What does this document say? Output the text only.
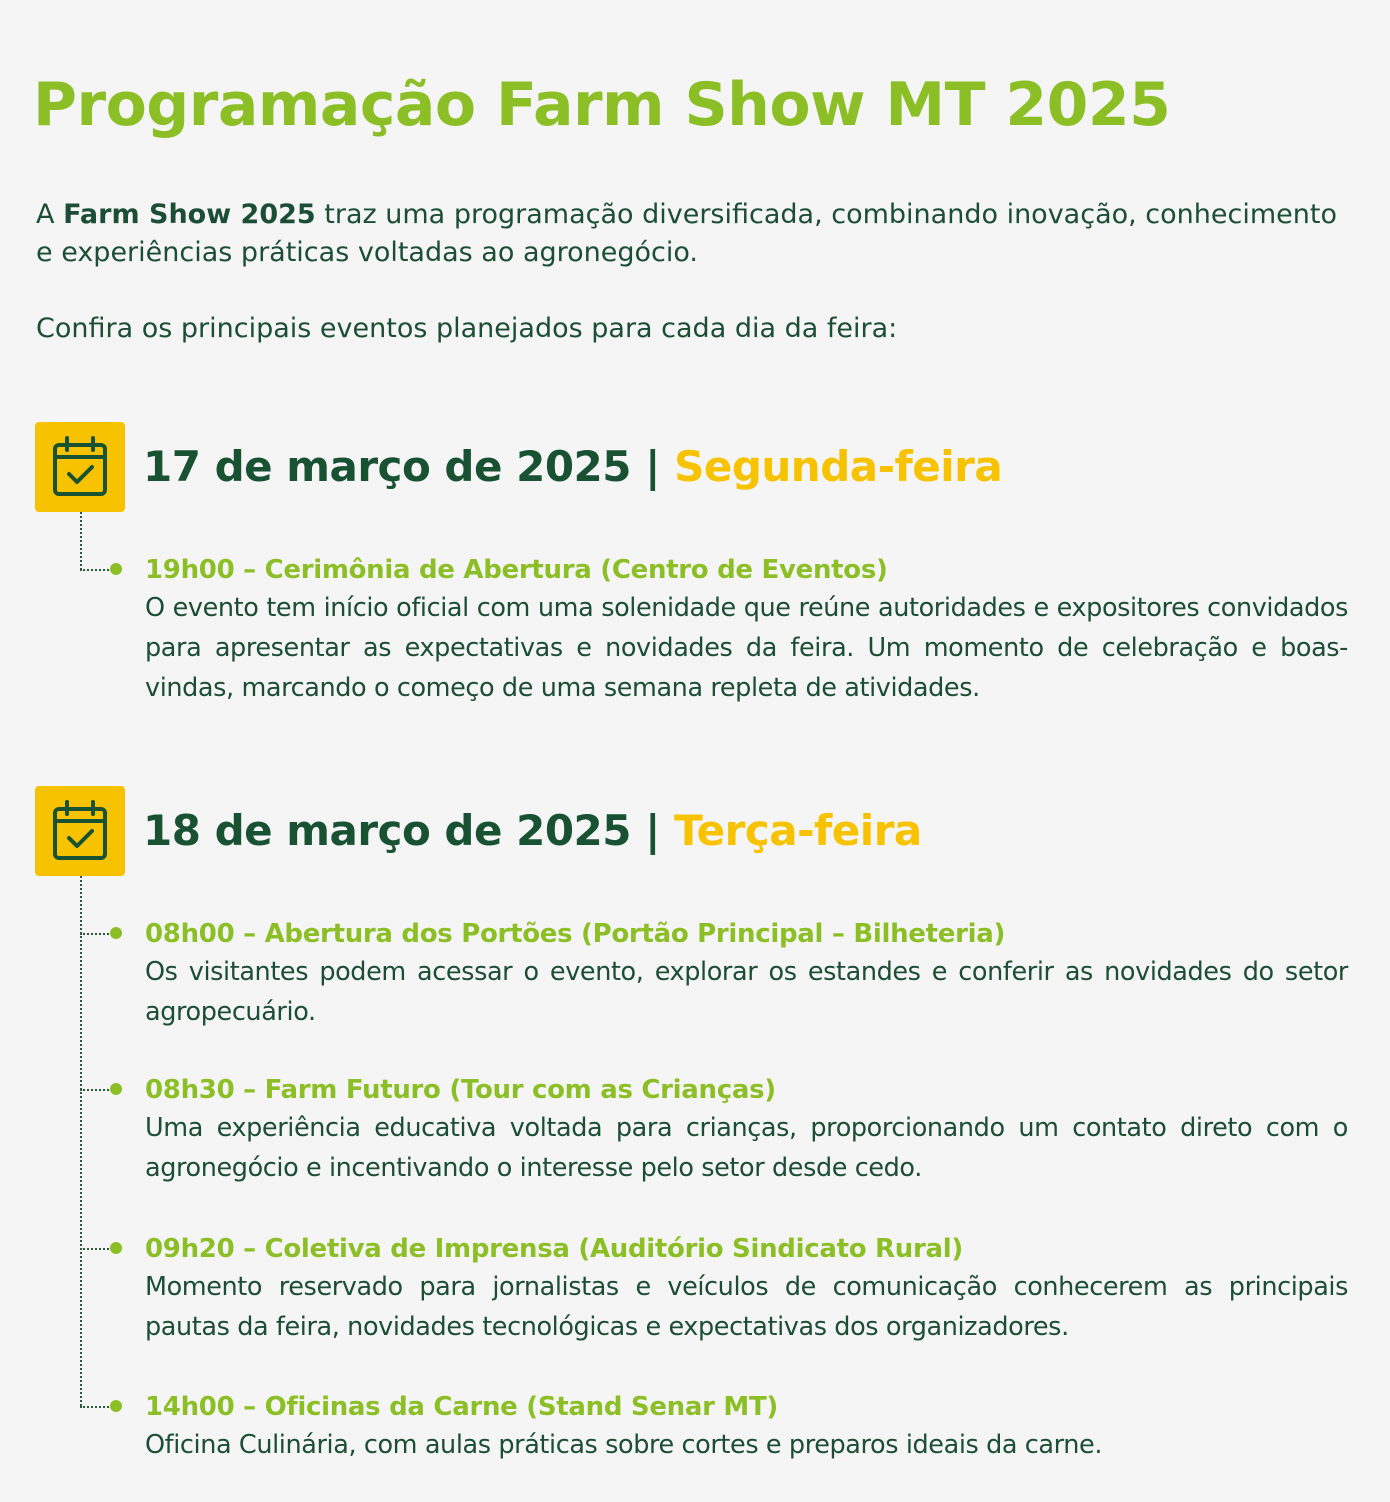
Programação Farm Show MT 2025

A Farm Show 2025 traz uma programação diversificada, combinando inovação, conhecimento e experiências práticas voltadas ao agronegócio.

Confira os principais eventos planejados para cada dia da feira:

17 de março de 2025 | Segunda-feira
19h00 – Cerimônia de Abertura (Centro de Eventos)
O evento tem início oficial com uma solenidade que reúne autoridades e expositores convidados para apresentar as expectativas e novidades da feira. Um momento de celebração e boas-vindas, marcando o começo de uma semana repleta de atividades.
18 de março de 2025 | Terça-feira
08h00 – Abertura dos Portões (Portão Principal – Bilheteria)
Os visitantes podem acessar o evento, explorar os estandes e conferir as novidades do setor agropecuário.
08h30 – Farm Futuro (Tour com as Crianças)
Uma experiência educativa voltada para crianças, proporcionando um contato direto com o agronegócio e incentivando o interesse pelo setor desde cedo.
09h20 – Coletiva de Imprensa (Auditório Sindicato Rural)
Momento reservado para jornalistas e veículos de comunicação conhecerem as principais pautas da feira, novidades tecnológicas e expectativas dos organizadores.
14h00 – Oficinas da Carne (Stand Senar MT)
Oficina Culinária, com aulas práticas sobre cortes e preparos ideais da carne.
